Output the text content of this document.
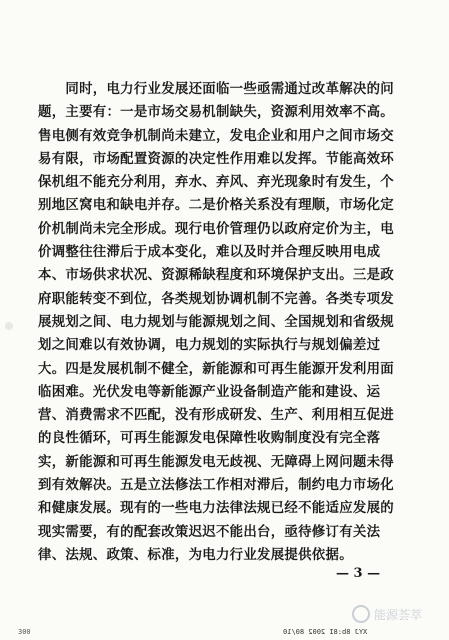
　　同时，电力行业发展还面临一些亟需通过改革解决的问
题，主要有：一是市场交易机制缺失，资源利用效率不高。
售电侧有效竞争机制尚未建立，发电企业和用户之间市场交
易有限，市场配置资源的决定性作用难以发挥。节能高效环
保机组不能充分利用，弃水、弃风、弃光现象时有发生，个
别地区窝电和缺电并存。二是价格关系没有理顺，市场化定
价机制尚未完全形成。现行电价管理仍以政府定价为主，电
价调整往往滞后于成本变化，难以及时并合理反映用电成
本、市场供求状况、资源稀缺程度和环境保护支出。三是政
府职能转变不到位，各类规划协调机制不完善。各类专项发
展规划之间、电力规划与能源规划之间、全国规划和省级规
划之间难以有效协调，电力规划的实际执行与规划偏差过
大。四是发展机制不健全，新能源和可再生能源开发利用面
临困难。光伏发电等新能源产业设备制造产能和建设、运
营、消费需求不匹配，没有形成研发、生产、利用相互促进
的良性循环，可再生能源发电保障性收购制度没有完全落
实，新能源和可再生能源发电无歧视、无障碍上网问题未得
到有效解决。五是立法修法工作相对滞后，制约电力市场化
和健康发展。现有的一些电力法律法规已经不能适应发展的
现实需要，有的配套改策迟迟不能出台，亟待修订有关法
律、法规、政策、标准，为电力行业发展提供依据。
— 3 —
能源荟萃
300	XYJ 8b:8I 2002 80/10
